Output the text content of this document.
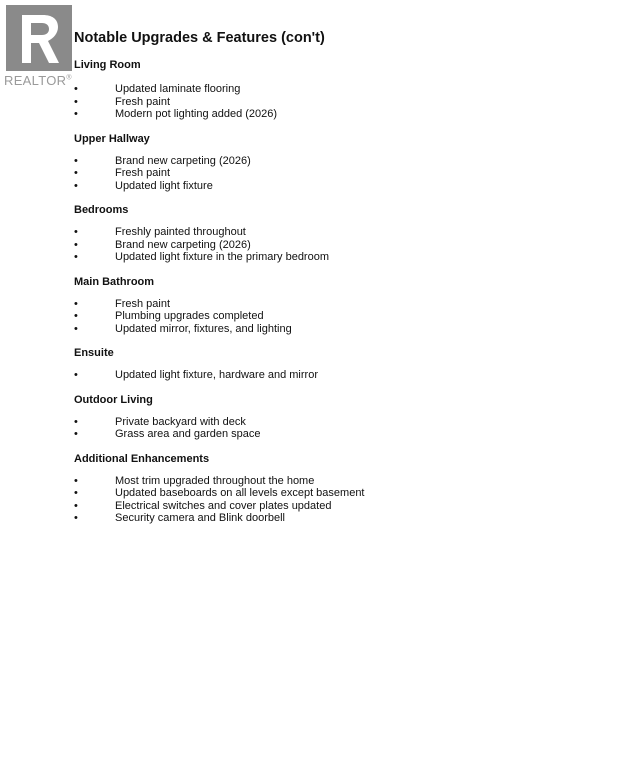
REALTOR®
Notable Upgrades & Features (con't)
Living Room
•	Updated laminate flooring
•	Fresh paint
•	Modern pot lighting added (2026)
Upper Hallway
•	Brand new carpeting (2026)
•	Fresh paint
•	Updated light fixture
Bedrooms
•	Freshly painted throughout
•	Brand new carpeting (2026)
•	Updated light fixture in the primary bedroom
Main Bathroom
•	Fresh paint
•	Plumbing upgrades completed
•	Updated mirror, fixtures, and lighting
Ensuite
•	Updated light fixture, hardware and mirror
Outdoor Living
•	Private backyard with deck
•	Grass area and garden space
Additional Enhancements
•	Most trim upgraded throughout the home
•	Updated baseboards on all levels except basement
•	Electrical switches and cover plates updated
•	Security camera and Blink doorbell
